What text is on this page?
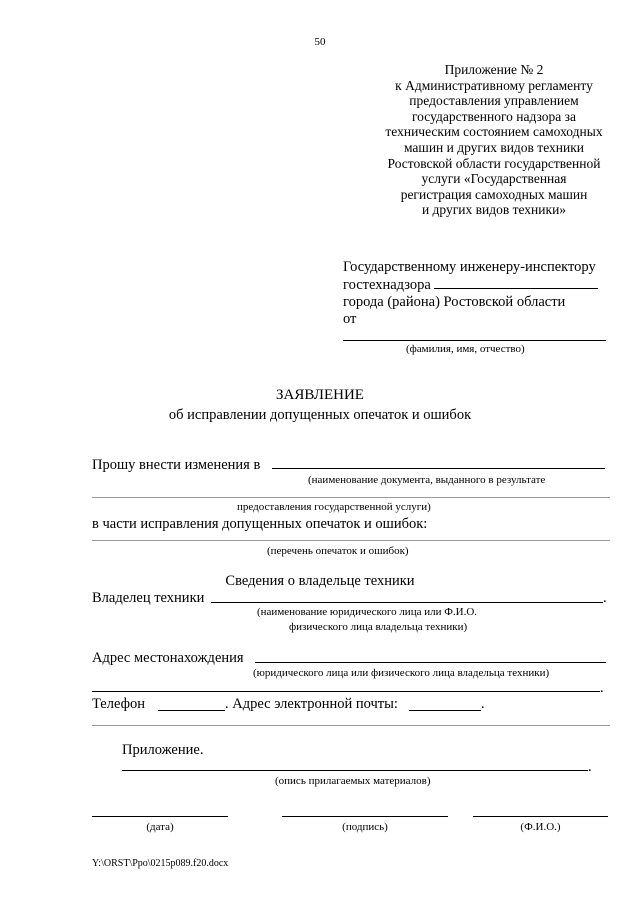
50
Приложение № 2
к Административному регламенту
предоставления управлением
государственного надзора за
техническим состоянием самоходных
машин и других видов техники
Ростовской области государственной
услуги «Государственная
регистрация самоходных машин
и других видов техники»
Государственному инженеру-инспектору
гостехнадзора
города (района) Ростовской области
от
(фамилия, имя, отчество)
ЗАЯВЛЕНИЕ
об исправлении допущенных опечаток и ошибок
Прошу внести изменения в
(наименование документа, выданного в результате
предоставления государственной услуги)
в части исправления допущенных опечаток и ошибок:
(перечень опечаток и ошибок)
Сведения о владельце техники
Владелец техники	.
(наименование юридического лица или Ф.И.О.
физического лица владельца техники)
Адрес местонахождения
(юридического лица или физического лица владельца техники)
.
Телефон	. Адрес электронной почты:	.
Приложение.
.
(опись прилагаемых материалов)
(дата)	(подпись)	(Ф.И.О.)
Y:\ORST\Ppo\0215p089.f20.docx
